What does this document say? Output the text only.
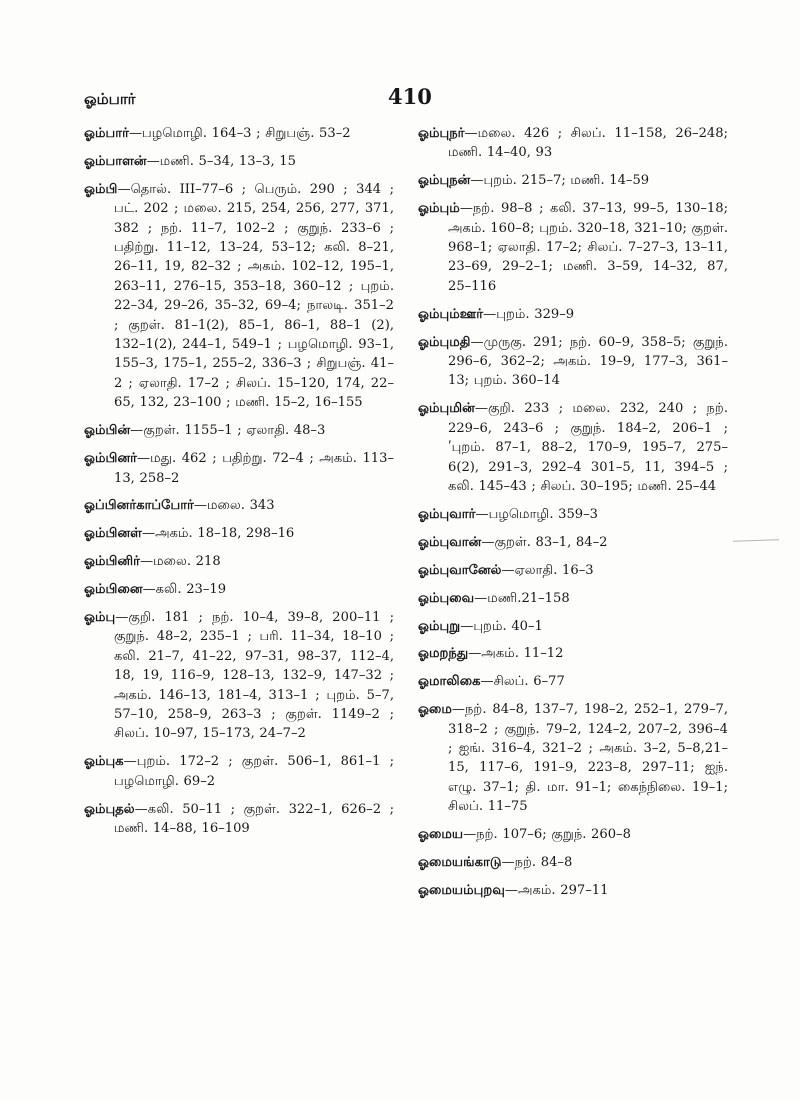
ஓம்பார்	410
ஓம்பார்—பழமொழி. 164–3 ; சிறுபஞ். 53–2
ஓம்பாளன்—மணி. 5–34, 13–3, 15
ஓம்பி—தொல். III–77–6 ; பெரும். 290 ; 344 ; பட். 202 ; மலை. 215, 254, 256, 277, 371, 382 ; நற். 11–7, 102–2 ; குறுந். 233–6 ; பதிற்று. 11–12, 13–24, 53–12; கலி. 8–21, 26–11, 19, 82–32 ; அகம். 102–12, 195–1, 263–11, 276–15, 353–18, 360–12 ; புறம். 22–34, 29–26, 35–32, 69–4; நாலடி. 351–2 ; குறள். 81–1(2), 85–1, 86–1, 88–1 (2), 132–1(2), 244–1, 549–1 ; பழமொழி. 93–1, 155–3, 175–1, 255–2, 336–3 ; சிறுபஞ். 41–2 ; ஏலாதி. 17–2 ; சிலப். 15–120, 174, 22–65, 132, 23–100 ; மணி. 15–2, 16–155
ஓம்பின்—குறள். 1155–1 ; ஏலாதி. 48–3
ஓம்பினர்—மது. 462 ; பதிற்று. 72–4 ; அகம். 113–13, 258–2
ஓப்பினர்காப்போர்—மலை. 343
ஓம்பினள்—அகம். 18–18, 298–16
ஓம்பினிர்—மலை. 218
ஓம்பினை—கலி. 23–19
ஓம்பு—குறி. 181 ; நற். 10–4, 39–8, 200–11 ; குறுந். 48–2, 235–1 ; பரி. 11–34, 18–10 ; கலி. 21–7, 41–22, 97–31, 98–37, 112–4, 18, 19, 116–9, 128–13, 132–9, 147–32 ; அகம். 146–13, 181–4, 313–1 ; புறம். 5–7, 57–10, 258–9, 263–3 ; குறள். 1149–2 ; சிலப். 10–97, 15–173, 24–7–2
ஓம்புக—புறம். 172–2 ; குறள். 506–1, 861–1 ; பழமொழி. 69–2
ஓம்புதல்—கலி. 50–11 ; குறள். 322–1, 626–2 ; மணி. 14–88, 16–109
ஓம்புநர்—மலை. 426 ; சிலப். 11–158, 26–248; மணி. 14–40, 93
ஓம்புநன்—புறம். 215–7; மணி. 14–59
ஓம்பும்—நற். 98–8 ; கலி. 37–13, 99–5, 130–18; அகம். 160–8; புறம். 320–18, 321–10; குறள். 968–1; ஏலாதி. 17–2; சிலப். 7–27–3, 13–11, 23–69, 29–2–1; மணி. 3–59, 14–32, 87, 25–116
ஓம்பும்ஊர்—புறம். 329–9
ஓம்புமதி—முருகு. 291; நற். 60–9, 358–5; குறுந். 296–6, 362–2; அகம். 19–9, 177–3, 361–13; புறம். 360–14
ஓம்புமின்—குறி. 233 ; மலை. 232, 240 ; நற். 229–6, 243–6 ; குறுந். 184–2, 206–1 ; ʹபுறம். 87–1, 88–2, 170–9, 195–7, 275–6(2), 291–3, 292–4 301–5, 11, 394–5 ; கலி. 145–43 ; சிலப். 30–195; மணி. 25–44
ஓம்புவார்—பழமொழி. 359–3
ஓம்புவான்—குறள். 83–1, 84–2
ஓம்புவானேல்—ஏலாதி. 16–3
ஓம்புவை—மணி.21–158
ஓம்புறு—புறம். 40–1
ஓமறந்து—அகம். 11–12
ஓமாலிகை—சிலப். 6–77
ஓமை—நற். 84–8, 137–7, 198–2, 252–1, 279–7, 318–2 ; குறுந். 79–2, 124–2, 207–2, 396–4 ; ஐங். 316–4, 321–2 ; அகம். 3–2, 5–8,21–15, 117–6, 191–9, 223–8, 297–11; ஐந். எழு. 37–1; தி. மா. 91–1; கைந்நிலை. 19–1; சிலப். 11–75
ஓமைய—நற். 107–6; குறுந். 260–8
ஓமையங்காடு—நற். 84–8
ஓமையம்புறவு—அகம். 297–11
